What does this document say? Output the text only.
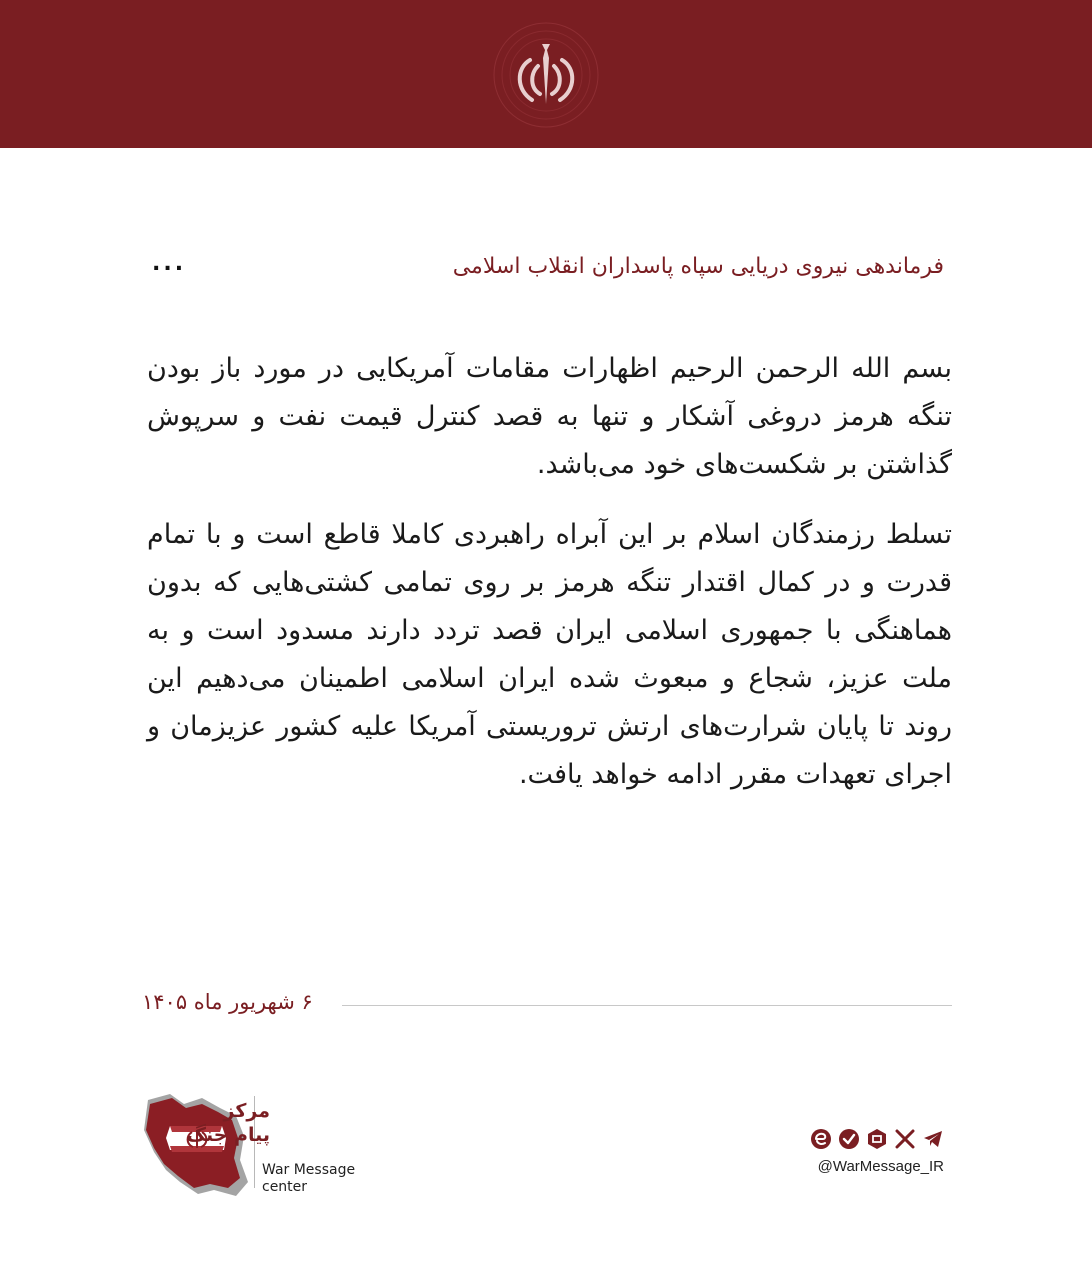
فرماندهی نیروی دریایی سپاه پاسداران انقلاب اسلامی
...

بسم الله الرحمن الرحیم اظهارات مقامات آمریکایی در مورد باز بودن تنگه هرمز دروغی آشکار و تنها به قصد کنترل قیمت نفت و سرپوش گذاشتن بر شکست‌های خود می‌باشد.

تسلط رزمندگان اسلام بر این آبراه راهبردی کاملا قاطع است و با تمام قدرت و در کمال اقتدار تنگه هرمز بر روی تمامی کشتی‌هایی که بدون هماهنگی با جمهوری اسلامی ایران قصد تردد دارند مسدود است و به ملت عزیز، شجاع و مبعوث شده ایران اسلامی اطمینان می‌دهیم این روند تا پایان شرارت‌های ارتش تروریستی آمریکا علیه کشور عزیزمان و اجرای تعهدات مقرر ادامه خواهد یافت.

۶ شهریور ماه ۱۴۰۵
مرکز
پیام جنگ
War Message
center
@WarMessage_IR
